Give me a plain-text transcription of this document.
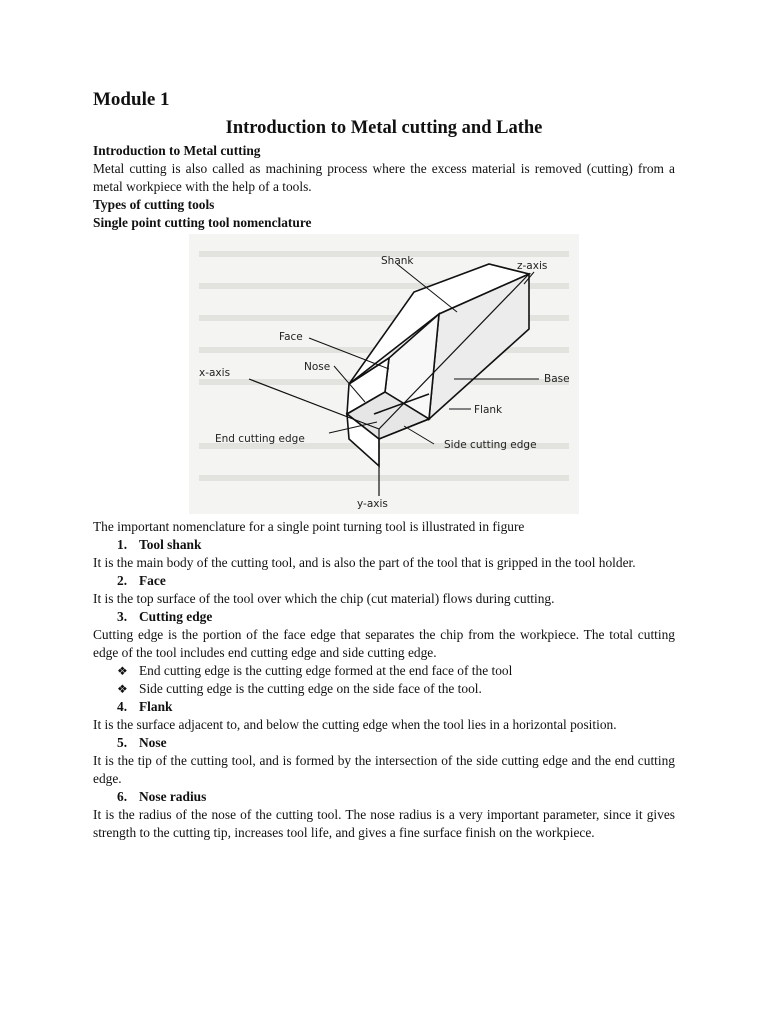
Module 1
Introduction to Metal cutting and Lathe

Introduction to Metal cutting

Metal cutting is also called as machining process where the excess material is removed (cutting) from a metal workpiece with the help of a tools.

Types of cutting tools

Single point cutting tool nomenclature

Shank	z-axis
Face
Nose
x-axis	Base
Flank
End cutting edge	Side cutting edge
y-axis

The important nomenclature for a single point turning tool is illustrated in figure

1. Tool shank

It is the main body of the cutting tool, and is also the part of the tool that is gripped in the tool holder.

2. Face

It is the top surface of the tool over which the chip (cut material) flows during cutting.

3. Cutting edge

Cutting edge is the portion of the face edge that separates the chip from the workpiece. The total cutting edge of the tool includes end cutting edge and side cutting edge.

❖ End cutting edge is the cutting edge formed at the end face of the tool
❖ Side cutting edge is the cutting edge on the side face of the tool.
4. Flank

It is the surface adjacent to, and below the cutting edge when the tool lies in a horizontal position.

5. Nose

It is the tip of the cutting tool, and is formed by the intersection of the side cutting edge and the end cutting edge.

6. Nose radius

It is the radius of the nose of the cutting tool. The nose radius is a very important parameter, since it gives strength to the cutting tip, increases tool life, and gives a fine surface finish on the workpiece.
